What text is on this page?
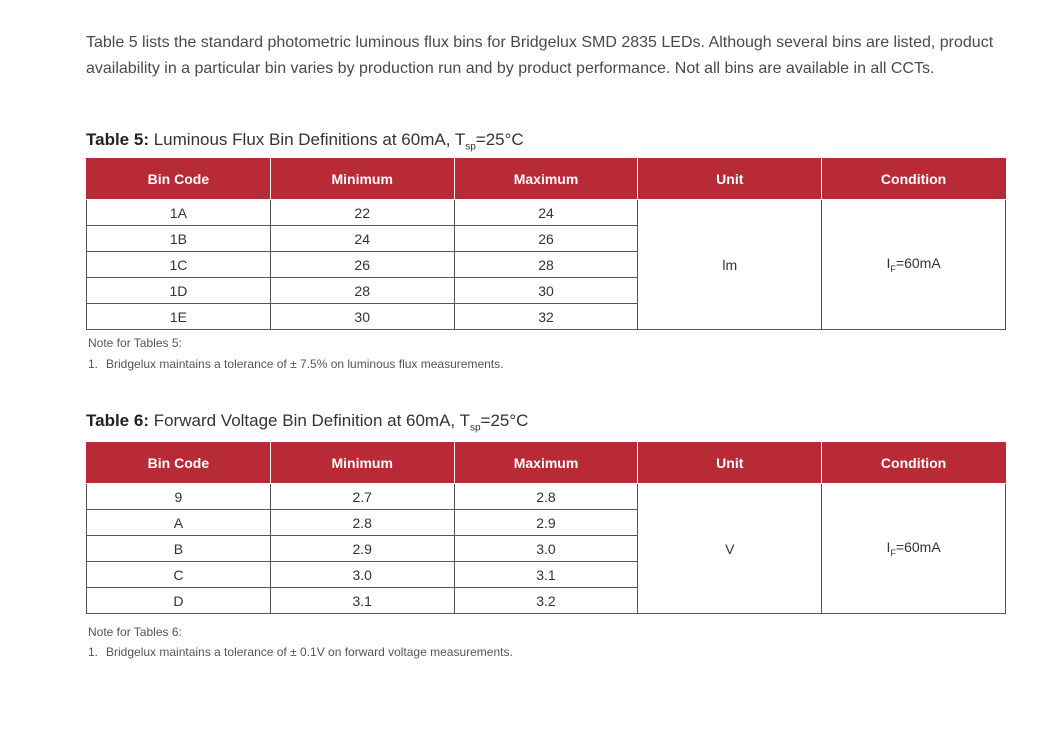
Table 5 lists the standard photometric luminous flux bins for Bridgelux SMD 2835 LEDs. Although several bins are listed, product availability in a particular bin varies by production run and by product performance. Not all bins are available in all CCTs.

Table 5: Luminous Flux Bin Definitions at 60mA, $T_{sp}=25^\circ C$

Bin Code	Minimum	Maximum	Unit	Condition
1A	22	24	lm	$I_F=60mA$
1B	24	26		
1C	26	28		
1D	28	30		
1E	30	32		

Note for Tables 5:

1. Bridgelux maintains a tolerance of ± 7.5% on luminous flux measurements.

Table 6: Forward Voltage Bin Definition at 60mA, $T_{sp}=25^\circ C$

Bin Code	Minimum	Maximum	Unit	Condition
9	2.7	2.8	V	$I_F=60mA$
A	2.8	2.9		
B	2.9	3.0		
C	3.0	3.1		
D	3.1	3.2		

Note for Tables 6:

1. Bridgelux maintains a tolerance of ± 0.1V on forward voltage measurements.
